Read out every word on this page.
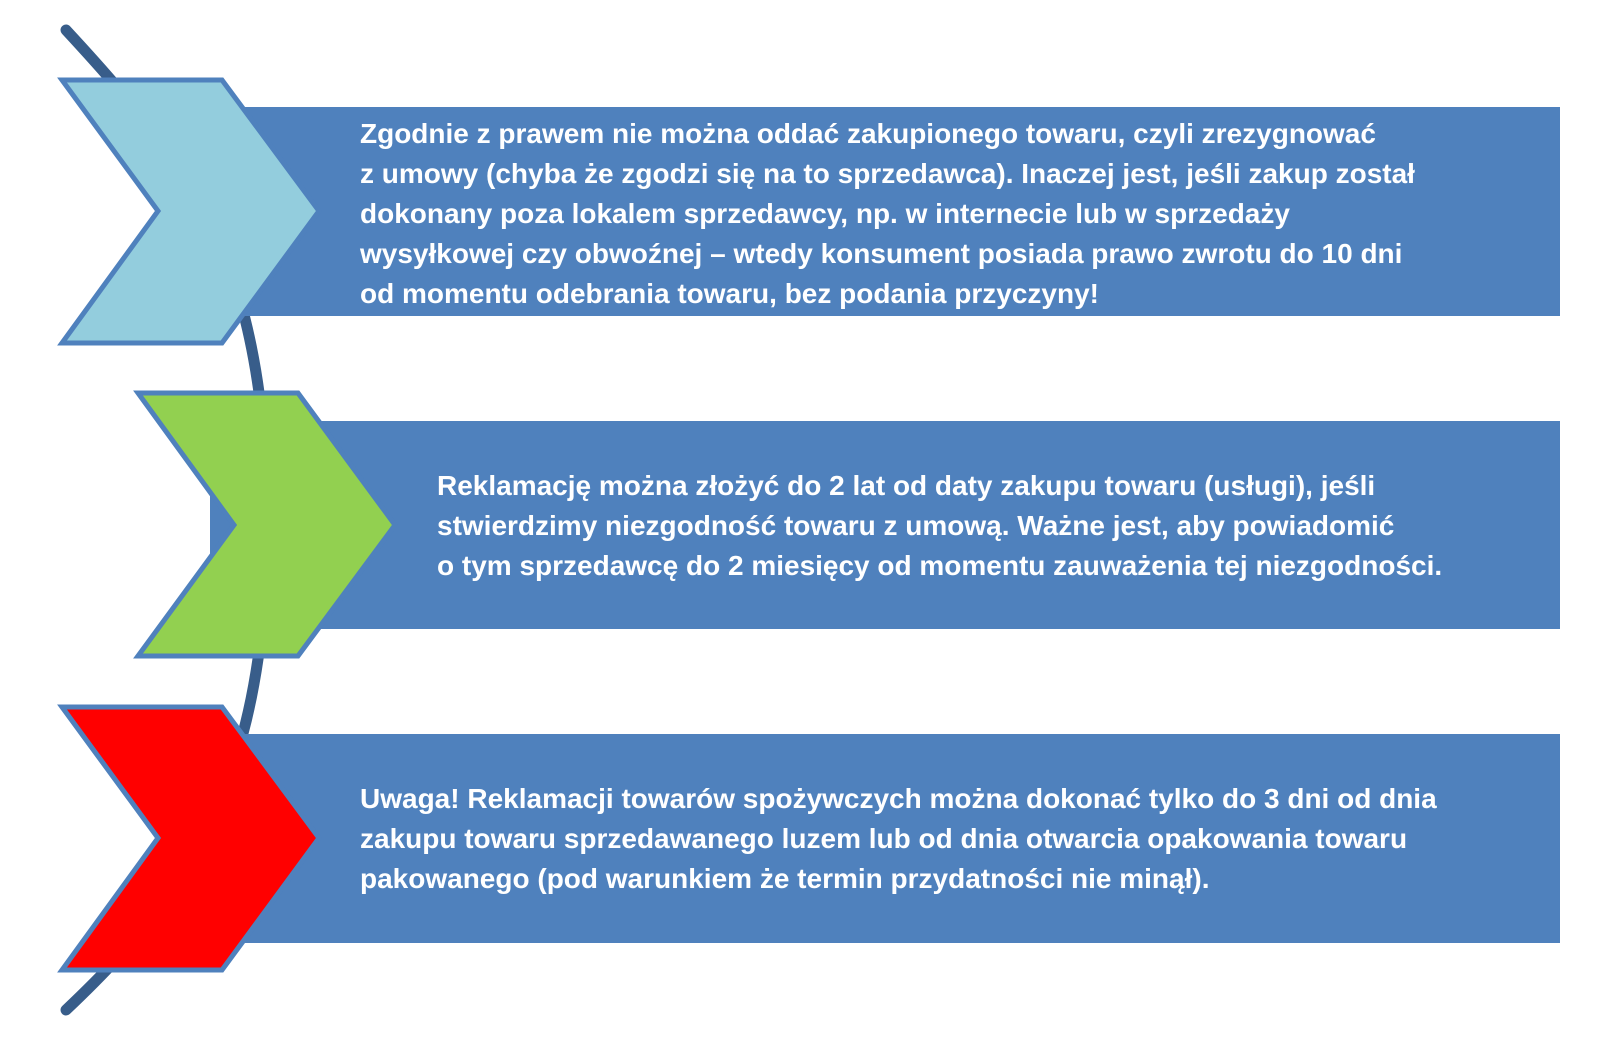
Zgodnie z prawem nie można oddać zakupionego towaru, czyli zrezygnować
z umowy (chyba że zgodzi się na to sprzedawca). Inaczej jest, jeśli zakup został
dokonany poza lokalem sprzedawcy, np. w internecie lub w sprzedaży
wysyłkowej czy obwoźnej – wtedy konsument posiada prawo zwrotu do 10 dni
od momentu odebrania towaru, bez podania przyczyny!

Reklamację można złożyć do 2 lat od daty zakupu towaru (usługi), jeśli
stwierdzimy niezgodność towaru z umową. Ważne jest, aby powiadomić
o tym sprzedawcę do 2 miesięcy od momentu zauważenia tej niezgodności.

Uwaga! Reklamacji towarów spożywczych można dokonać tylko do 3 dni od dnia
zakupu towaru sprzedawanego luzem lub od dnia otwarcia opakowania towaru
pakowanego (pod warunkiem że termin przydatności nie minął).
